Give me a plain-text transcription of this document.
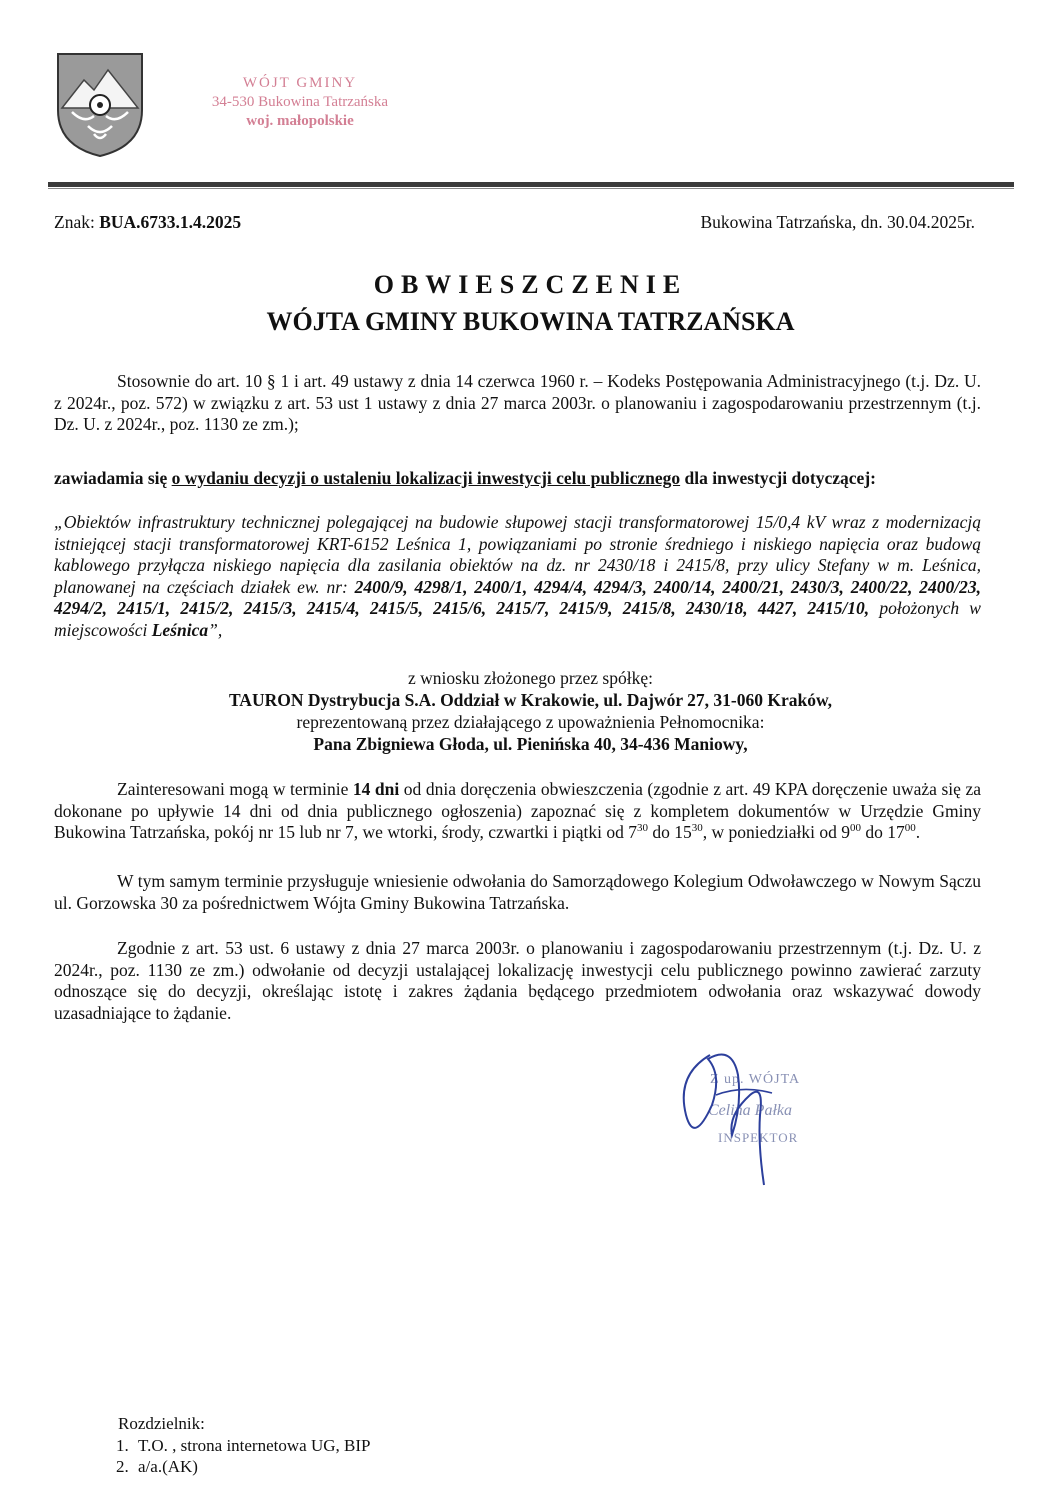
WÓJT GMINY
34-530 Bukowina Tatrzańska
woj. małopolskie
Znak: BUA.6733.1.4.2025	Bukowina Tatrzańska, dn. 30.04.2025r.
OBWIESZCZENIE
WÓJTA GMINY BUKOWINA TATRZAŃSKA
Stosownie do art. 10 § 1 i art. 49 ustawy z dnia 14 czerwca 1960 r. – Kodeks Postępowania Administracyjnego (t.j. Dz. U. z 2024r., poz. 572) w związku z art. 53 ust 1 ustawy z dnia 27 marca 2003r. o planowaniu i zagospodarowaniu przestrzennym (t.j. Dz. U. z 2024r., poz. 1130 ze zm.);
zawiadamia się o wydaniu decyzji o ustaleniu lokalizacji inwestycji celu publicznego dla inwestycji dotyczącej:
„Obiektów infrastruktury technicznej polegającej na budowie słupowej stacji transformatorowej 15/0,4 kV wraz z modernizacją istniejącej stacji transformatorowej KRT-6152 Leśnica 1, powiązaniami po stronie średniego i niskiego napięcia oraz budową kablowego przyłącza niskiego napięcia dla zasilania obiektów na dz. nr 2430/18 i 2415/8, przy ulicy Stefany w m. Leśnica, planowanej na częściach działek ew. nr: 2400/9, 4298/1, 2400/1, 4294/4, 4294/3, 2400/14, 2400/21, 2430/3, 2400/22, 2400/23, 4294/2, 2415/1, 2415/2, 2415/3, 2415/4, 2415/5, 2415/6, 2415/7, 2415/9, 2415/8, 2430/18, 4427, 2415/10, położonych w miejscowości Leśnica”,
z wniosku złożonego przez spółkę:
TAURON Dystrybucja S.A. Oddział w Krakowie, ul. Dajwór 27, 31-060 Kraków,
reprezentowaną przez działającego z upoważnienia Pełnomocnika:
Pana Zbigniewa Głoda, ul. Pienińska 40, 34-436 Maniowy,
Zainteresowani mogą w terminie 14 dni od dnia doręczenia obwieszczenia (zgodnie z art. 49 KPA doręczenie uważa się za dokonane po upływie 14 dni od dnia publicznego ogłoszenia) zapoznać się z kompletem dokumentów w Urzędzie Gminy Bukowina Tatrzańska, pokój nr 15 lub nr 7, we wtorki, środy, czwartki i piątki od $7^{30}$ do $15^{30}$, w poniedziałki od $9^{00}$ do $17^{00}$.
W tym samym terminie przysługuje wniesienie odwołania do Samorządowego Kolegium Odwoławczego w Nowym Sączu ul. Gorzowska 30 za pośrednictwem Wójta Gminy Bukowina Tatrzańska.
Zgodnie z art. 53 ust. 6 ustawy z dnia 27 marca 2003r. o planowaniu i zagospodarowaniu przestrzennym (t.j. Dz. U. z 2024r., poz. 1130 ze zm.) odwołanie od decyzji ustalającej lokalizację inwestycji celu publicznego powinno zawierać zarzuty odnoszące się do decyzji, określając istotę i zakres żądania będącego przedmiotem odwołania oraz wskazywać dowody uzasadniające to żądanie.
Z up. WÓJTA
Celina Pałka
INSPEKTOR
Rozdzielnik:
1. T.O. , strona internetowa UG, BIP
2. a/a.(AK)
